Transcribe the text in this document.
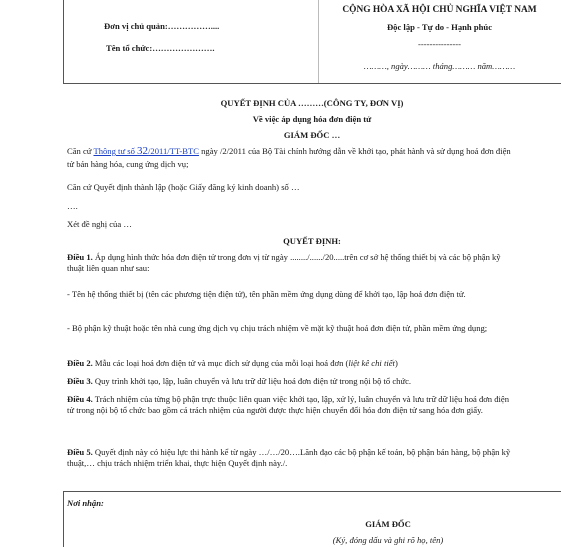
Đơn vị chủ quản:……………....
Tên tổ chức:………………….
CỘNG HÒA XÃ HỘI CHỦ NGHĨA VIỆT NAM
Độc lập - Tự do - Hạnh phúc
---------------
………, ngày……… tháng……… năm………
QUYẾT ĐỊNH CỦA ………(CÔNG TY, ĐƠN VỊ)
Về việc áp dụng hóa đơn điện tử
GIÁM ĐỐC …
Căn cứ Thông tư số 32/2011/TT-BTC ngày /2/2011 của Bộ Tài chính hướng dẫn về khởi tạo, phát hành và sử dụng hoá đơn điện tử bán hàng hóa, cung ứng dịch vụ;
Căn cứ Quyết định thành lập (hoặc Giấy đăng ký kinh doanh) số …
….
Xét đề nghị của …
QUYẾT ĐỊNH:
Điều 1. Áp dụng hình thức hóa đơn điện tử trong đơn vị từ ngày ......../....../20.....trên cơ sở hệ thống thiết bị và các bộ phận kỹ thuật liên quan như sau:
- Tên hệ thống thiết bị (tên các phương tiện điện tử), tên phần mềm ứng dụng dùng để khởi tạo, lập hoá đơn điện tử.
- Bộ phận kỹ thuật hoặc tên nhà cung ứng dịch vụ chịu trách nhiệm về mặt kỹ thuật hoá đơn điện tử, phần mềm ứng dụng;
Điều 2. Mẫu các loại hoá đơn điện tử và mục đích sử dụng của mỗi loại hoá đơn (liệt kê chi tiết)
Điều 3. Quy trình khởi tạo, lập, luân chuyển và lưu trữ dữ liệu hoá đơn điện tử trong nội bộ tổ chức.
Điều 4. Trách nhiệm của từng bộ phận trực thuộc liên quan việc khởi tạo, lập, xử lý, luân chuyển và lưu trữ dữ liệu hoá đơn điện tử trong nội bộ tổ chức bao gồm cả trách nhiệm của người được thực hiện chuyển đổi hóa đơn điện tử sang hóa đơn giấy.
Điều 5. Quyết định này có hiệu lực thi hành kể từ ngày …/…/20….Lãnh đạo các bộ phận kế toán, bộ phận bán hàng, bộ phận kỹ thuật,… chịu trách nhiệm triển khai, thực hiện Quyết định này./.
Nơi nhận:
GIÁM ĐỐC
(Ký, đóng dấu và ghi rõ họ, tên)
